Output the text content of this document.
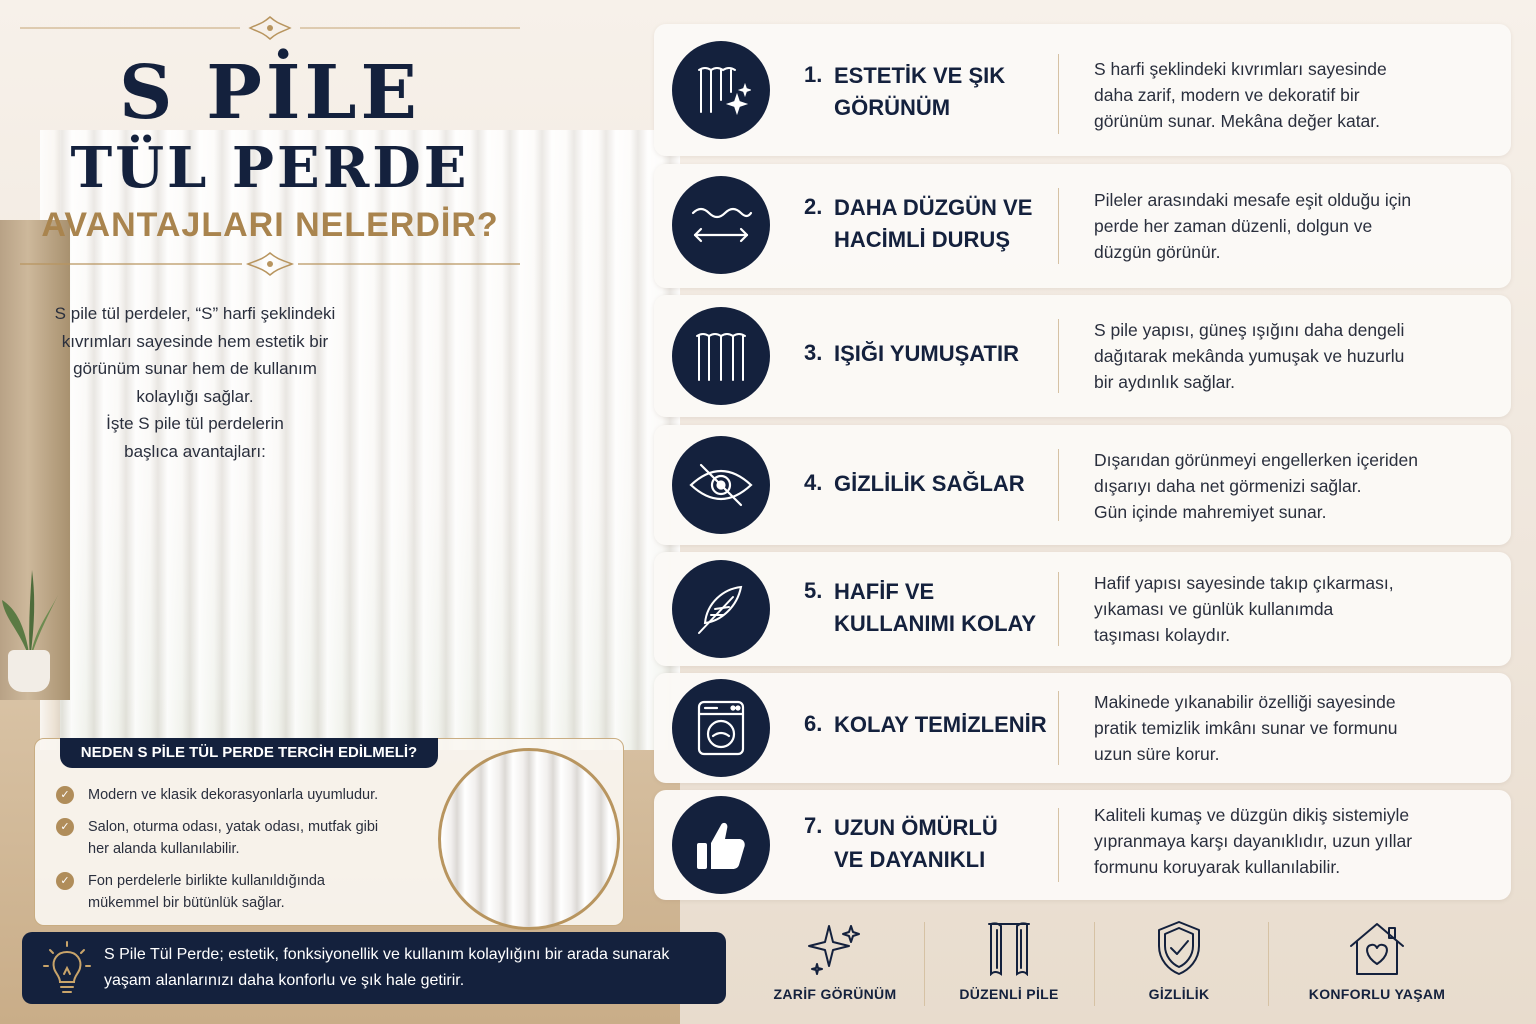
S PİLE
TÜL PERDE
AVANTAJLARI NELERDİR?
S pile tül perdeler, “S” harfi şeklindeki
kıvrımları sayesinde hem estetik bir
görünüm sunar hem de kullanım
kolaylığı sağlar.
İşte S pile tül perdelerin
başlıca avantajları:
NEDEN S PİLE TÜL PERDE TERCİH EDİLMELİ?
✓	Modern ve klasik dekorasyonlarla uyumludur.
✓	Salon, oturma odası, yatak odası, mutfak gibi
her alanda kullanılabilir.
✓	Fon perdelerle birlikte kullanıldığında
mükemmel bir bütünlük sağlar.
S Pile Tül Perde; estetik, fonksiyonellik ve kullanım kolaylığını bir arada sunarak
yaşam alanlarınızı daha konforlu ve şık hale getirir.
1. ESTETİK VE ŞIK
GÖRÜNÜM
S harfi şeklindeki kıvrımları sayesinde
daha zarif, modern ve dekoratif bir
görünüm sunar. Mekâna değer katar.
2. DAHA DÜZGÜN VE
HACİMLİ DURUŞ
Pileler arasındaki mesafe eşit olduğu için
perde her zaman düzenli, dolgun ve
düzgün görünür.
3. IŞIĞI YUMUŞATIR
S pile yapısı, güneş ışığını daha dengeli
dağıtarak mekânda yumuşak ve huzurlu
bir aydınlık sağlar.
4. GİZLİLİK SAĞLAR
Dışarıdan görünmeyi engellerken içeriden
dışarıyı daha net görmenizi sağlar.
Gün içinde mahremiyet sunar.
5. HAFİF VE
KULLANIMI KOLAY
Hafif yapısı sayesinde takıp çıkarması,
yıkaması ve günlük kullanımda
taşıması kolaydır.
6. KOLAY TEMİZLENİR
Makinede yıkanabilir özelliği sayesinde
pratik temizlik imkânı sunar ve formunu
uzun süre korur.
7. UZUN ÖMÜRLÜ
VE DAYANIKLI
Kaliteli kumaş ve düzgün dikiş sistemiyle
yıpranmaya karşı dayanıklıdır, uzun yıllar
formunu koruyarak kullanılabilir.
ZARİF GÖRÜNÜM	DÜZENLİ PİLE	GİZLİLİK	KONFORLU YAŞAM
